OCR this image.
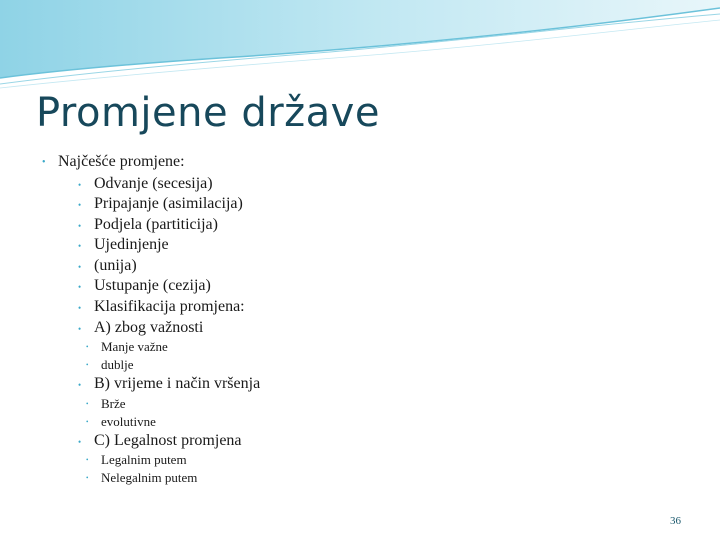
Promjene države
• Najčešće promjene:
• Odvanje (secesija)
• Pripajanje (asimilacija)
• Podjela (partiticija)
• Ujedinjenje
• (unija)
• Ustupanje (cezija)
• Klasifikacija promjena:
• A) zbog važnosti
• Manje važne
• dublje
• B) vrijeme i način vršenja
• Brže
• evolutivne
• C) Legalnost promjena
• Legalnim putem
• Nelegalnim putem
36
